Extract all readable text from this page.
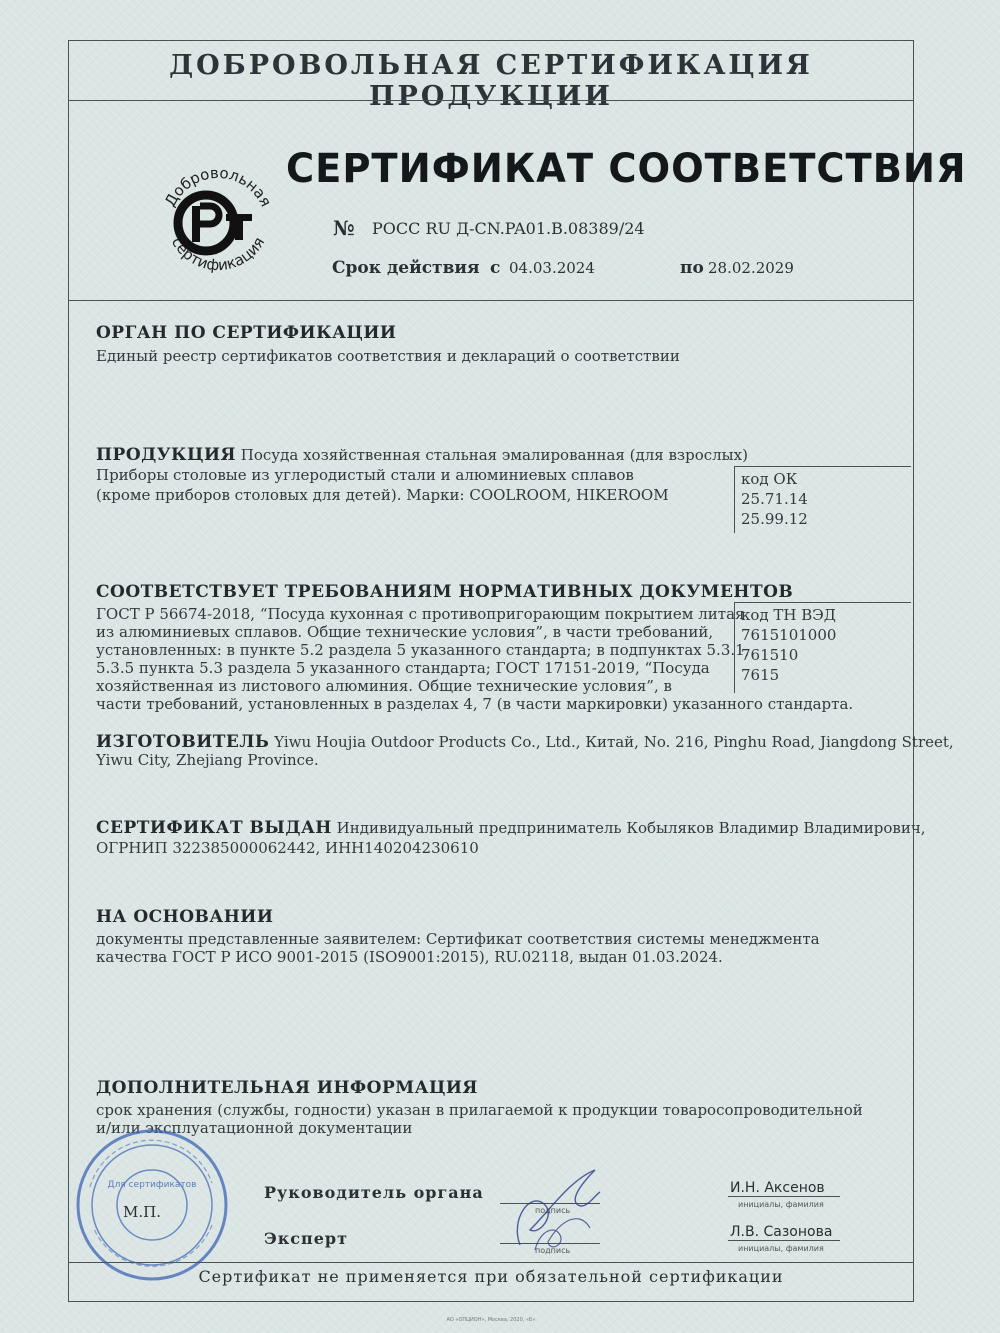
ДОБРОВОЛЬНАЯ СЕРТИФИКАЦИЯ ПРОДУКЦИИ
Добровольная
сертификация
СЕРТИФИКАТ СООТВЕТСТВИЯ
№ РОСС RU Д-CN.PA01.B.08389/24
Срок действия с 04.03.2024	по 28.02.2029
ОРГАН ПО СЕРТИФИКАЦИИ
Единый реестр сертификатов соответствия и деклараций о соответствии
ПРОДУКЦИЯ Посуда хозяйственная стальная эмалированная (для взрослых)
Приборы столовые из углеродистый стали и алюминиевых сплавов
(кроме приборов столовых для детей). Марки: COOLROOM, HIKEROOM
код ОК
25.71.14
25.99.12
СООТВЕТСТВУЕТ ТРЕБОВАНИЯМ НОРМАТИВНЫХ ДОКУМЕНТОВ
ГОСТ Р 56674-2018, “Посуда кухонная с противопригорающим покрытием литая
из алюминиевых сплавов. Общие технические условия”, в части требований,
установленных: в пункте 5.2 раздела 5 указанного стандарта; в подпунктах 5.3.1,
5.3.5 пункта 5.3 раздела 5 указанного стандарта; ГОСТ 17151-2019, “Посуда
хозяйственная из листового алюминия. Общие технические условия”, в
части требований, установленных в разделах 4, 7 (в части маркировки) указанного стандарта.
код ТН ВЭД
7615101000
761510
7615
ИЗГОТОВИТЕЛЬ Yiwu Houjia Outdoor Products Co., Ltd., Китай, No. 216, Pinghu Road, Jiangdong Street,
Yiwu City, Zhejiang Province.
СЕРТИФИКАТ ВЫДАН Индивидуальный предприниматель Кобыляков Владимир Владимирович,
ОГРНИП 322385000062442, ИНН140204230610
НА ОСНОВАНИИ
документы представленные заявителем: Сертификат соответствия системы менеджмента
качества ГОСТ Р ИСО 9001-2015 (ISO9001:2015), RU.02118, выдан 01.03.2024.
ДОПОЛНИТЕЛЬНАЯ ИНФОРМАЦИЯ
срок хранения (службы, годности) указан в прилагаемой к продукции товаросопроводительной
и/или эксплуатационной документации
Для сертификатов
М.П.
Руководитель органа
Эксперт
подпись
подпись
И.Н. Аксенов
инициалы, фамилия
Л.В. Сазонова
инициалы, фамилия
Сертификат не применяется при обязательной сертификации
АО «ОПЦИОН», Москва, 2020, «Б»
